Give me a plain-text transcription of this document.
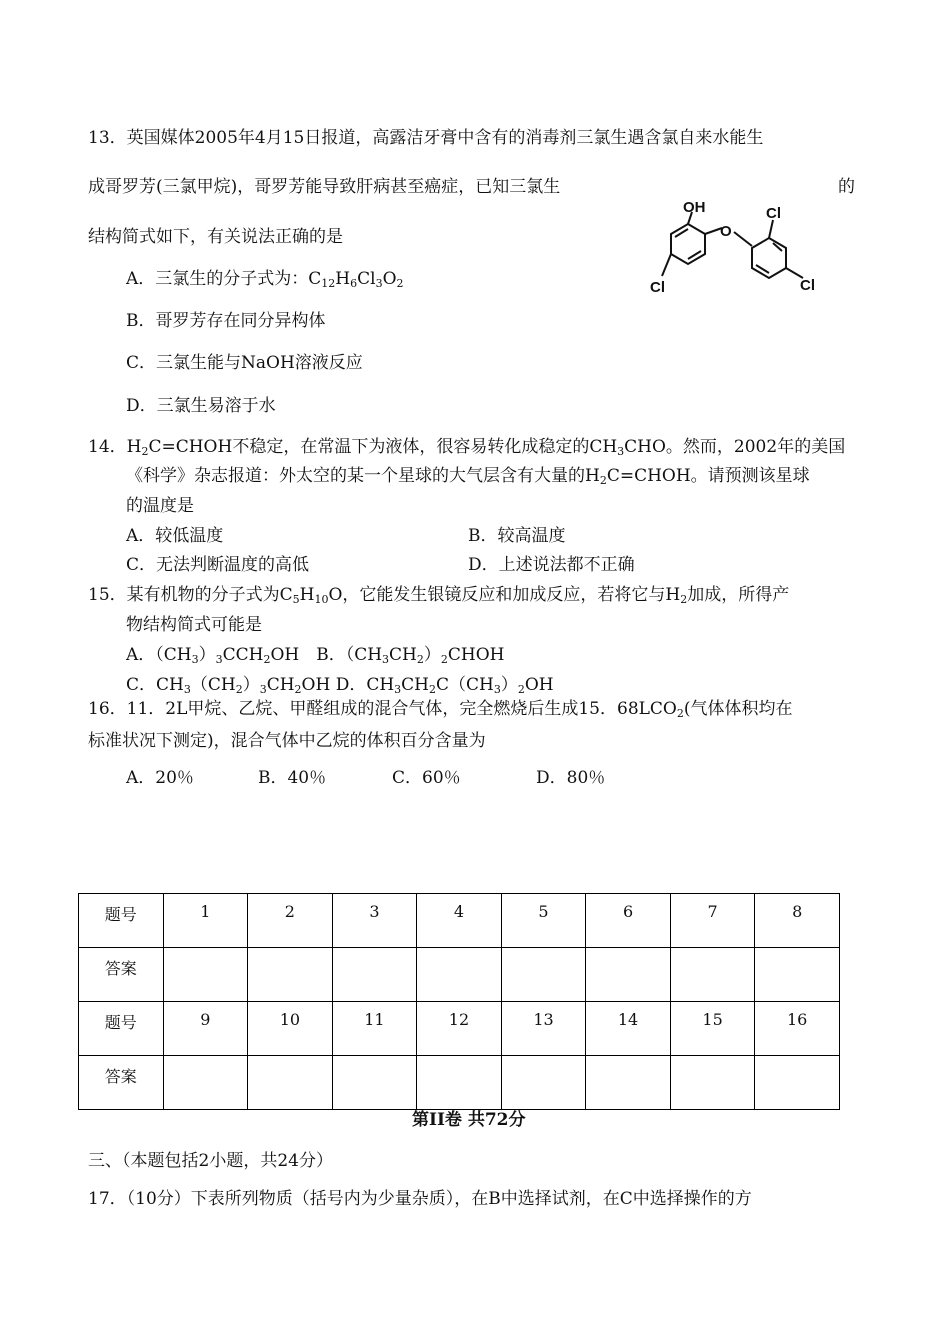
13．英国媒体2005年4月15日报道，高露洁牙膏中含有的消毒剂三氯生遇含氯自来水能生
成哥罗芳(三氯甲烷)，哥罗芳能导致肝病甚至癌症，已知三氯生	的
结构简式如下，有关说法正确的是
A．三氯生的分子式为：$C_{12}H_6Cl_3O_2$
B．哥罗芳存在同分异构体
C．三氯生能与NaOH溶液反应
D．三氯生易溶于水
OH
O
Cl
Cl	Cl
14．$H_2C=CHOH$不稳定，在常温下为液体，很容易转化成稳定的$CH_3CHO$。然而，2002年的美国
《科学》杂志报道：外太空的某一个星球的大气层含有大量的$H_2C=CHOH$。请预测该星球
的温度是
A．较低温度	B．较高温度
C．无法判断温度的高低	D．上述说法都不正确
15．某有机物的分子式为$C_5H_{10}O$，它能发生银镜反应和加成反应，若将它与$H_2$加成，所得产
物结构简式可能是
A．$(CH_3)_3CCH_2OH$　B．$(CH_3CH_2)_2CHOH$
C．$CH_3(CH_2)_3CH_2OH$ D．$CH_3CH_2C(CH_3)_2OH$
16．11．2L甲烷、乙烷、甲醛组成的混合气体，完全燃烧后生成15．$68LCO_2$(气体体积均在
标准状况下测定)，混合气体中乙烷的体积百分含量为
A．20％	B．40％	C．60％	D．80％
题号	1	2	3	4	5	6	7	8
答案								
题号	9	10	11	12	13	14	15	16
答案								
第II卷 共72分
三、（本题包括2小题，共24分）
17．（10分）下表所列物质（括号内为少量杂质），在B中选择试剂，在C中选择操作的方
